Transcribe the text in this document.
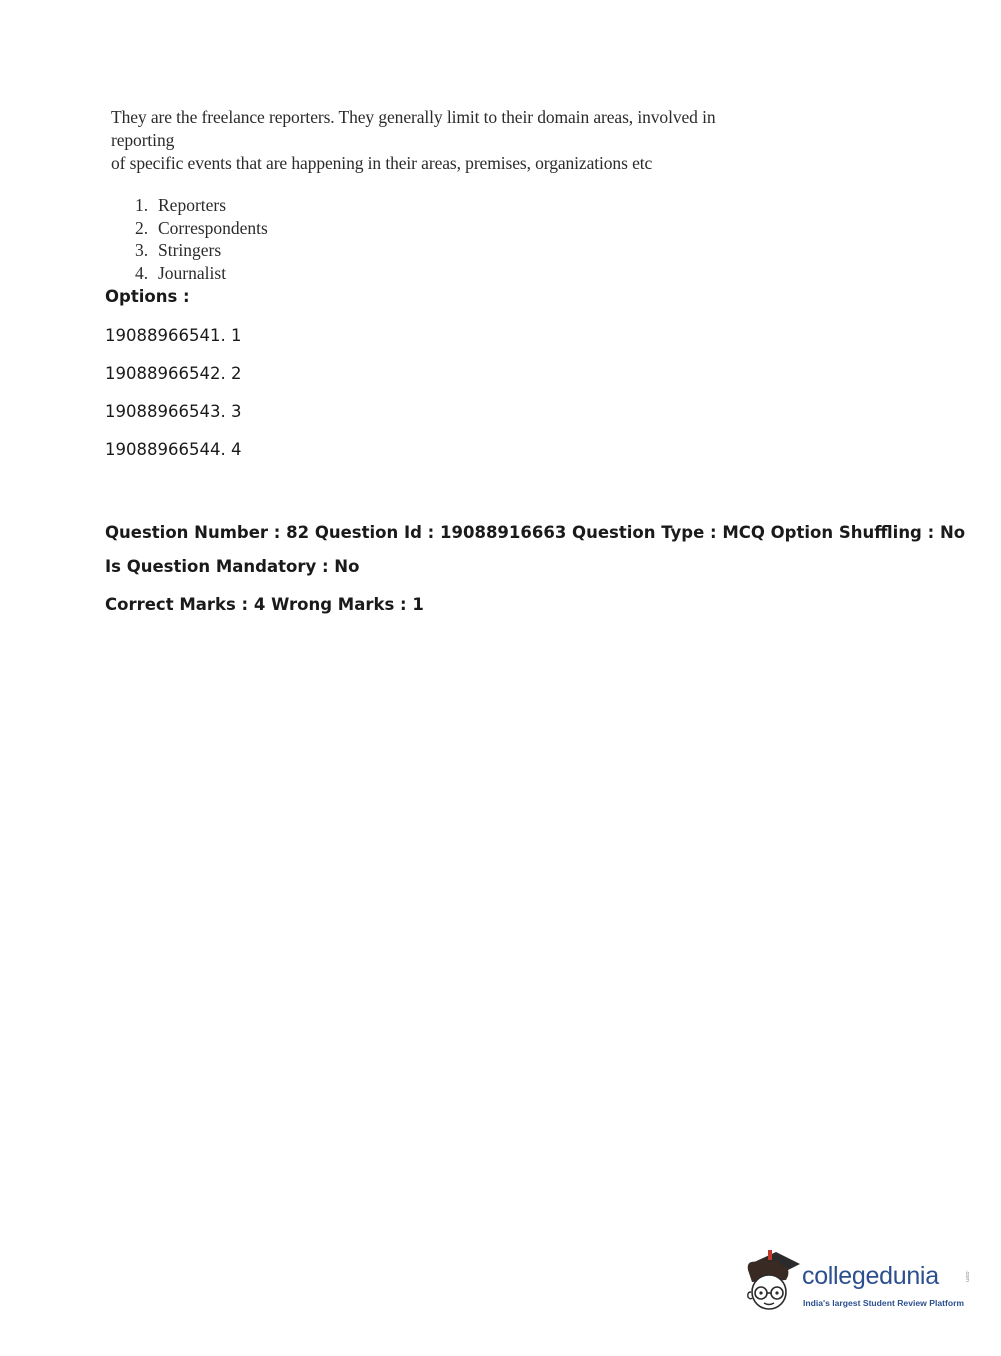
They are the freelance reporters. They generally limit to their domain areas, involved in reporting
of specific events that are happening in their areas, premises, organizations etc

1. Reporters
2. Correspondents
3. Stringers
4. Journalist

Options :

19088966541. 1

19088966542. 2

19088966543. 3

19088966544. 4

Question Number : 82 Question Id : 19088916663 Question Type : MCQ Option Shuffling : No

Is Question Mandatory : No

Correct Marks : 4 Wrong Marks : 1

collegedunia	.com
India's largest Student Review Platform
